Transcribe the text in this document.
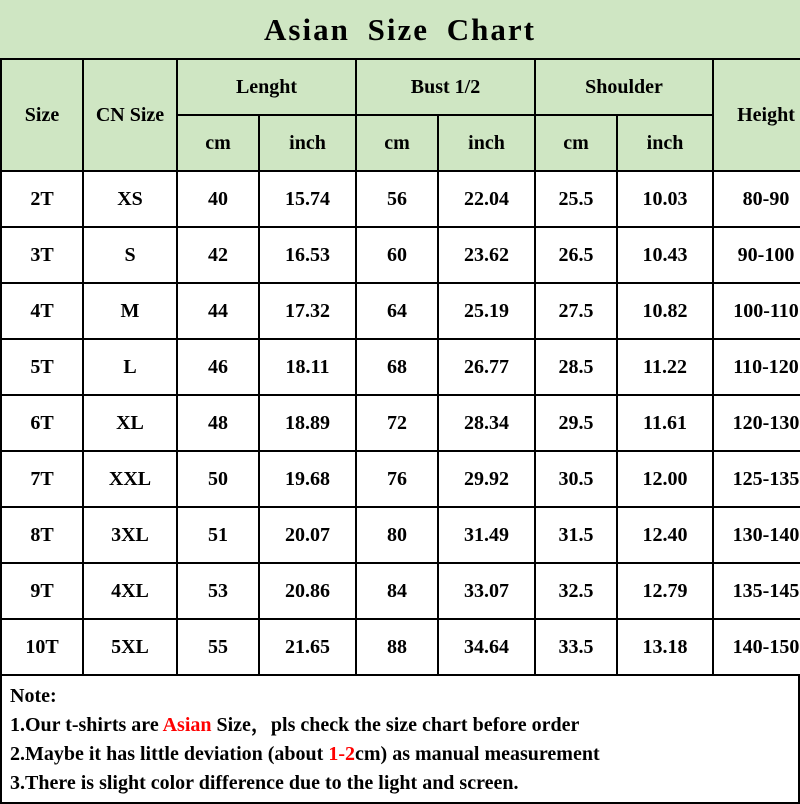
Asian Size Chart
Size	CN Size	Lenght		Bust 1/2		Shoulder		Height
		cm	inch	cm	inch	cm	inch	
2T	XS	40	15.74	56	22.04	25.5	10.03	80-90
3T	S	42	16.53	60	23.62	26.5	10.43	90-100
4T	M	44	17.32	64	25.19	27.5	10.82	100-110
5T	L	46	18.11	68	26.77	28.5	11.22	110-120
6T	XL	48	18.89	72	28.34	29.5	11.61	120-130
7T	XXL	50	19.68	76	29.92	30.5	12.00	125-135
8T	3XL	51	20.07	80	31.49	31.5	12.40	130-140
9T	4XL	53	20.86	84	33.07	32.5	12.79	135-145
10T	5XL	55	21.65	88	34.64	33.5	13.18	140-150
Note:
1.Our t-shirts are Asian Size，pls check the size chart before order
2.Maybe it has little deviation (about 1-2cm) as manual measurement
3.There is slight color difference due to the light and screen.
